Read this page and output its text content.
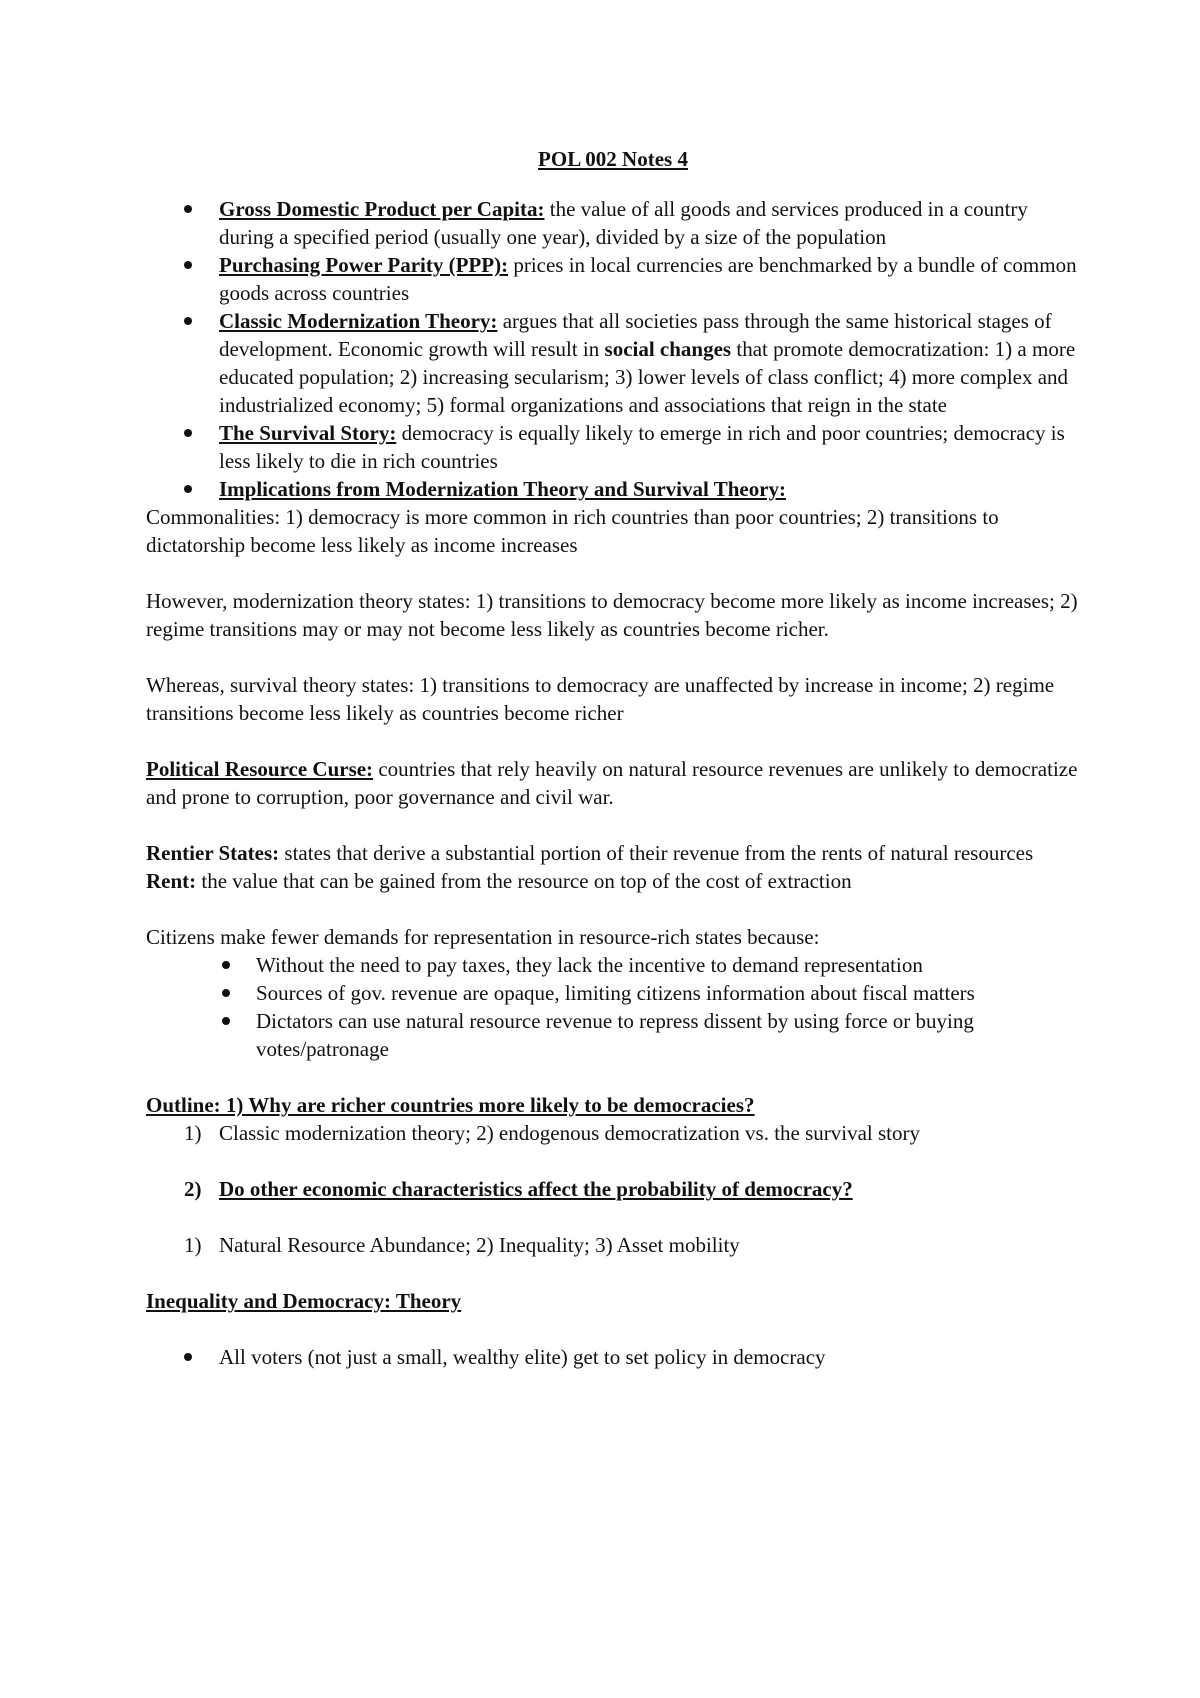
POL 002 Notes 4
Gross Domestic Product per Capita: the value of all goods and services produced in a country during a specified period (usually one year), divided by a size of the population
Purchasing Power Parity (PPP): prices in local currencies are benchmarked by a bundle of common goods across countries
Classic Modernization Theory: argues that all societies pass through the same historical stages of development. Economic growth will result in social changes that promote democratization: 1) a more educated population; 2) increasing secularism; 3) lower levels of class conflict; 4) more complex and industrialized economy; 5) formal organizations and associations that reign in the state
The Survival Story: democracy is equally likely to emerge in rich and poor countries; democracy is less likely to die in rich countries
Implications from Modernization Theory and Survival Theory:

Commonalities: 1) democracy is more common in rich countries than poor countries; 2) transitions to dictatorship become less likely as income increases

However, modernization theory states: 1) transitions to democracy become more likely as income increases; 2) regime transitions may or may not become less likely as countries become richer.

Whereas, survival theory states: 1) transitions to democracy are unaffected by increase in income; 2) regime transitions become less likely as countries become richer

Political Resource Curse: countries that rely heavily on natural resource revenues are unlikely to democratize and prone to corruption, poor governance and civil war.

Rentier States: states that derive a substantial portion of their revenue from the rents of natural resources

Rent: the value that can be gained from the resource on top of the cost of extraction

Citizens make fewer demands for representation in resource-rich states because:

Without the need to pay taxes, they lack the incentive to demand representation
Sources of gov. revenue are opaque, limiting citizens information about fiscal matters
Dictators can use natural resource revenue to repress dissent by using force or buying votes/patronage

Outline: 1) Why are richer countries more likely to be democracies?

1) Classic modernization theory; 2) endogenous democratization vs. the survival story
2) Do other economic characteristics affect the probability of democracy?
1) Natural Resource Abundance; 2) Inequality; 3) Asset mobility

Inequality and Democracy: Theory

All voters (not just a small, wealthy elite) get to set policy in democracy
